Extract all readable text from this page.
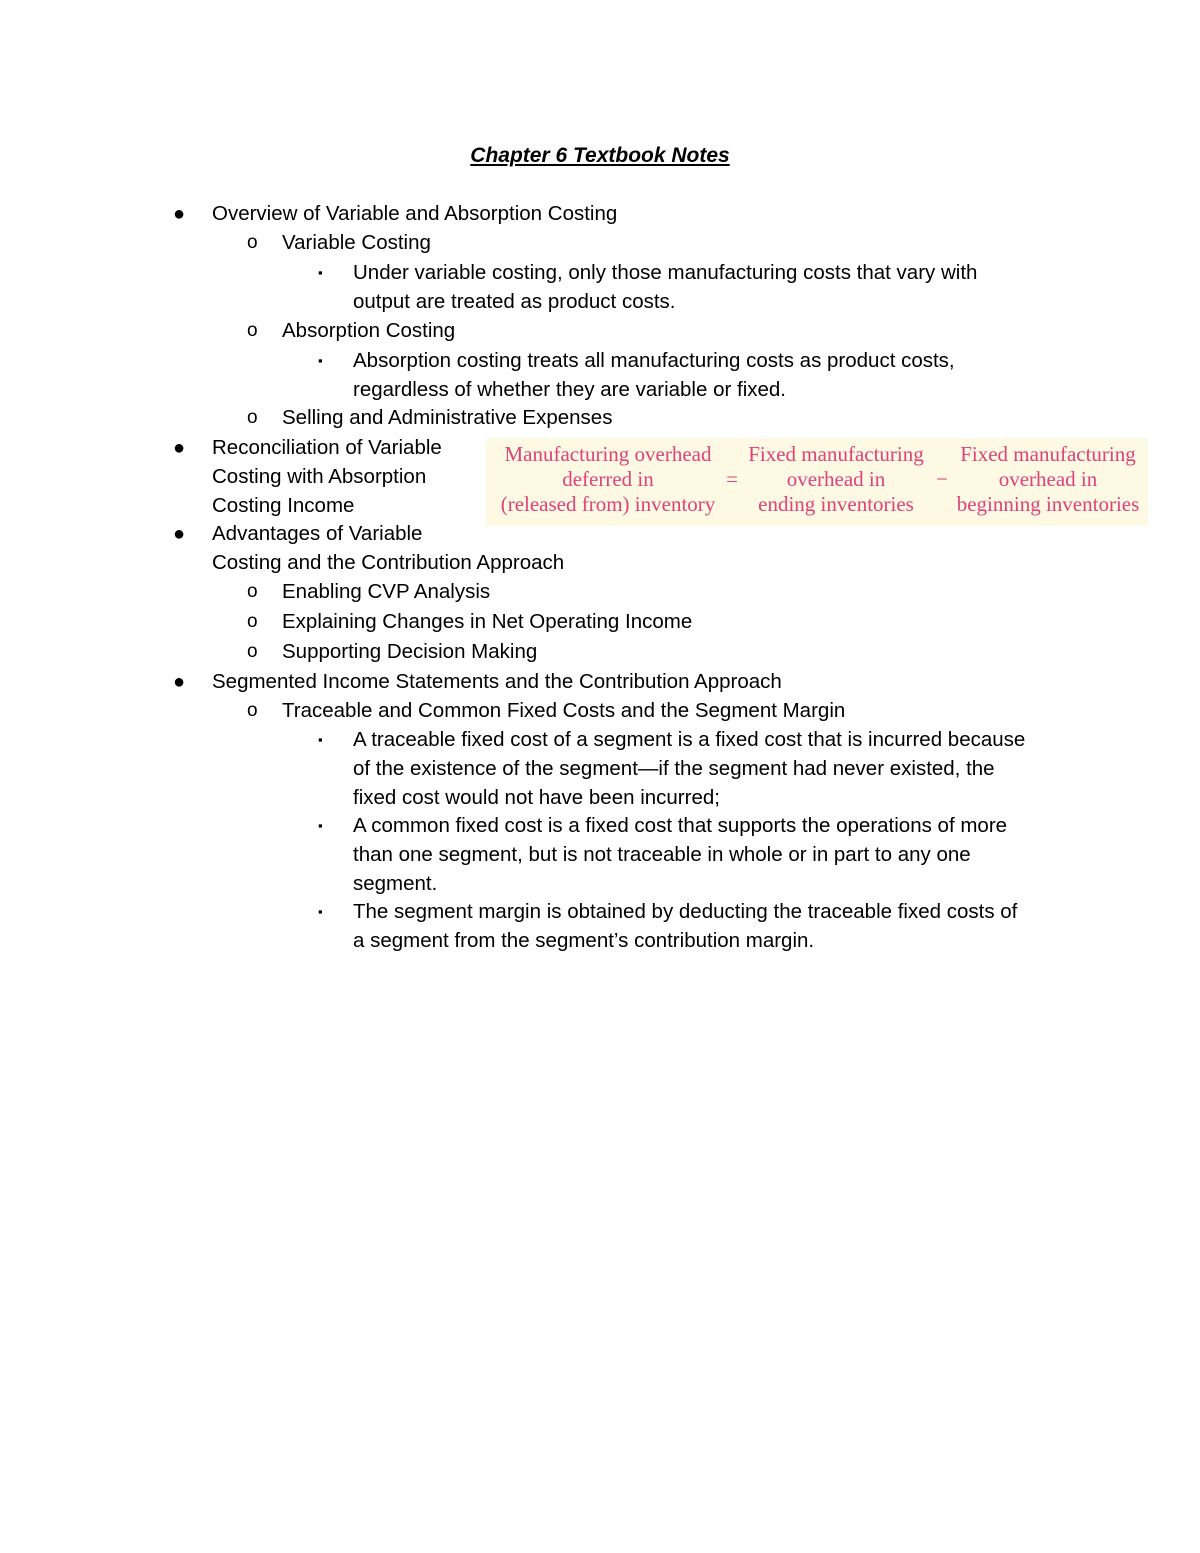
Chapter 6 Textbook Notes
● Overview of Variable and Absorption Costing
o Variable Costing
▪ Under variable costing, only those manufacturing costs that vary with
output are treated as product costs.
o Absorption Costing
▪ Absorption costing treats all manufacturing costs as product costs,
regardless of whether they are variable or fixed.
o Selling and Administrative Expenses
● Reconciliation of Variable
Costing with Absorption
Costing Income
Manufacturing overhead
deferred in
(released from) inventory
=
Fixed manufacturing
overhead in
ending inventories
−
Fixed manufacturing
overhead in
beginning inventories
● Advantages of Variable
Costing and the Contribution Approach
o Enabling CVP Analysis
o Explaining Changes in Net Operating Income
o Supporting Decision Making
● Segmented Income Statements and the Contribution Approach
o Traceable and Common Fixed Costs and the Segment Margin
▪ A traceable fixed cost of a segment is a fixed cost that is incurred because
of the existence of the segment—if the segment had never existed, the
fixed cost would not have been incurred;
▪ A common fixed cost is a fixed cost that supports the operations of more
than one segment, but is not traceable in whole or in part to any one
segment.
▪ The segment margin is obtained by deducting the traceable fixed costs of
a segment from the segment’s contribution margin.
